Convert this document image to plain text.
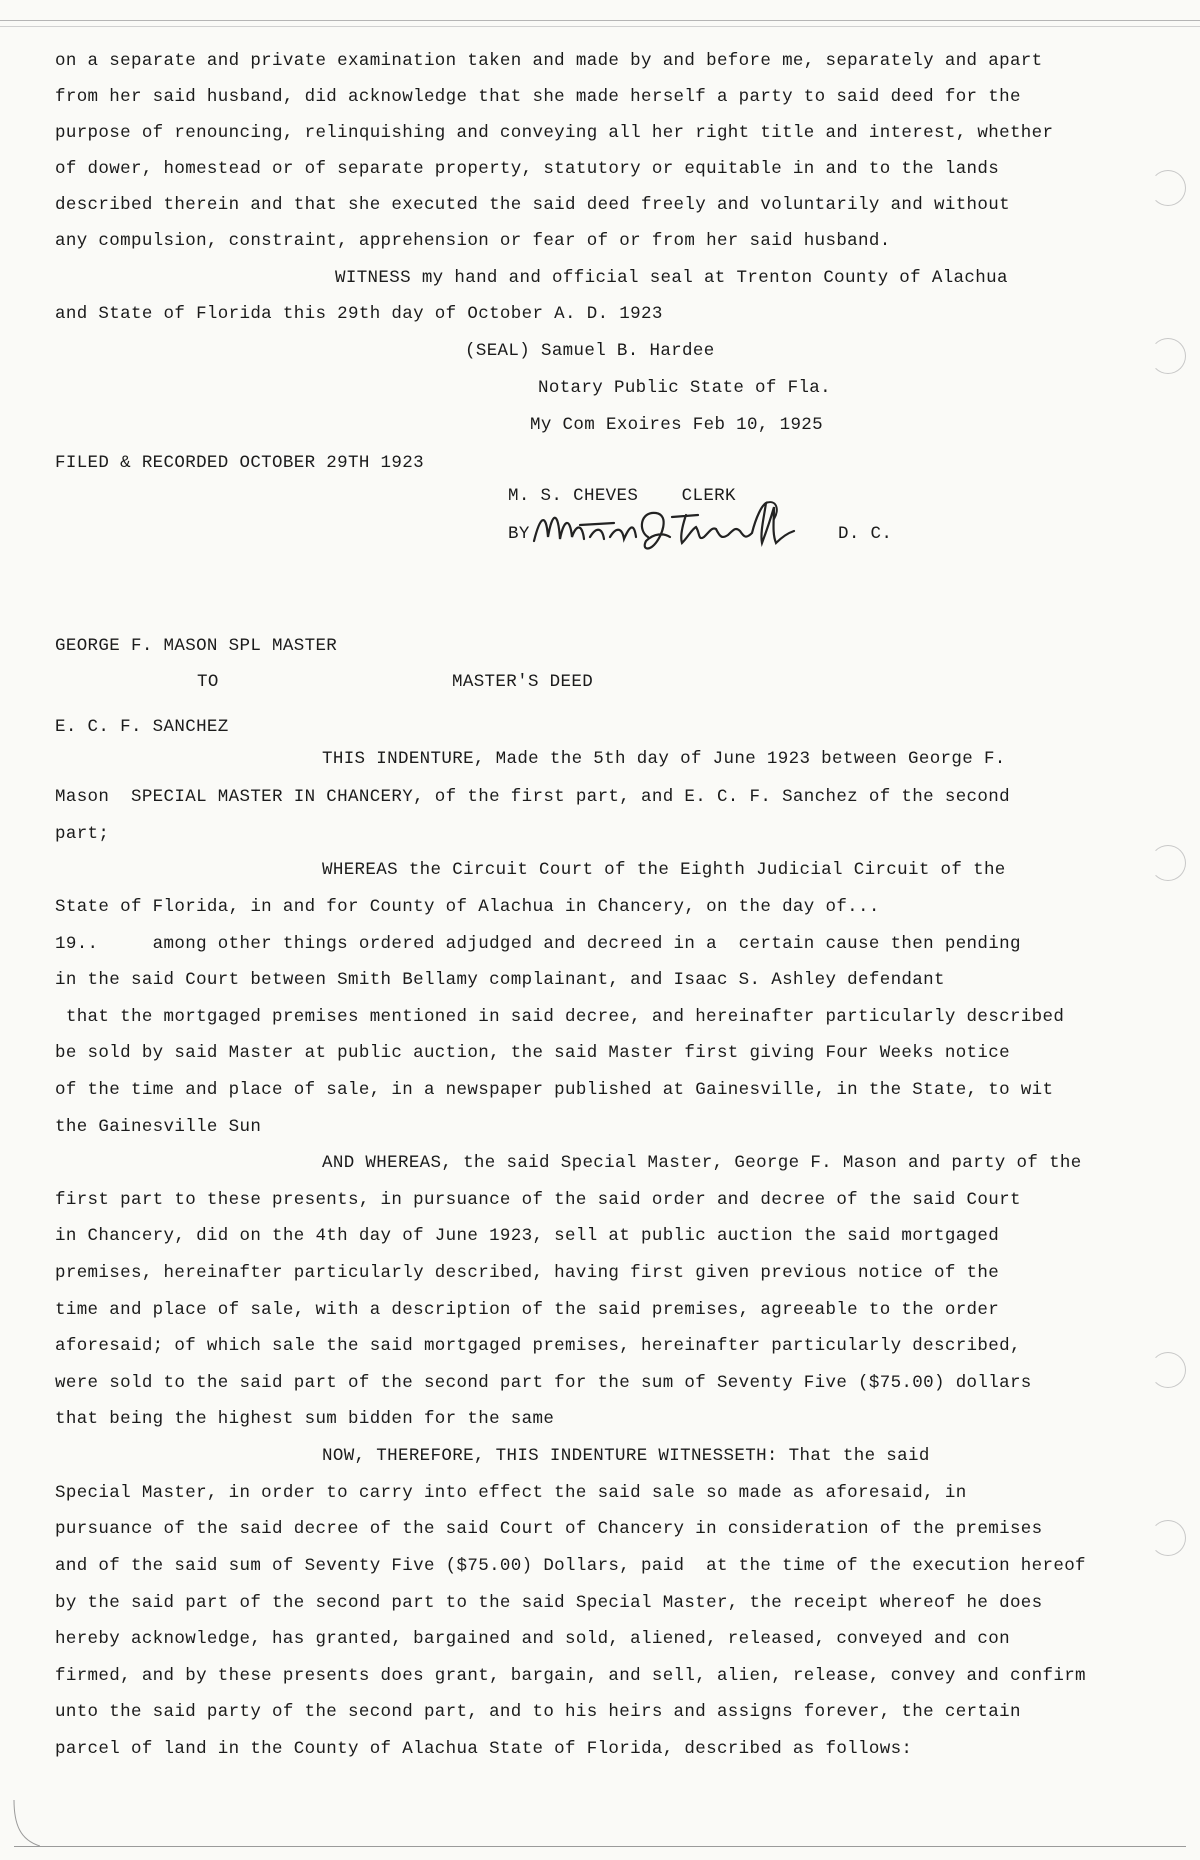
on a separate and private examination taken and made by and before me, separately and apart
from her said husband, did acknowledge that she made herself a party to said deed for the
purpose of renouncing, relinquishing and conveying all her right title and interest, whether
of dower, homestead or of separate property, statutory or equitable in and to the lands
described therein and that she executed the said deed freely and voluntarily and without
any compulsion, constraint, apprehension or fear of or from her said husband.
WITNESS my hand and official seal at Trenton County of Alachua
and State of Florida this 29th day of October A. D. 1923
(SEAL) Samuel B. Hardee
Notary Public State of Fla.
My Com Exoires Feb 10, 1925
FILED & RECORDED OCTOBER 29TH 1923
M. S. CHEVES    CLERK
BY	D. C.
GEORGE F. MASON SPL MASTER
TO	MASTER'S DEED
E. C. F. SANCHEZ
THIS INDENTURE, Made the 5th day of June 1923 between George F.
Mason  SPECIAL MASTER IN CHANCERY, of the first part, and E. C. F. Sanchez of the second
part;
WHEREAS the Circuit Court of the Eighth Judicial Circuit of the
State of Florida, in and for County of Alachua in Chancery, on the day of...
19..     among other things ordered adjudged and decreed in a  certain cause then pending
in the said Court between Smith Bellamy complainant, and Isaac S. Ashley defendant
that the mortgaged premises mentioned in said decree, and hereinafter particularly described
be sold by said Master at public auction, the said Master first giving Four Weeks notice
of the time and place of sale, in a newspaper published at Gainesville, in the State, to wit
the Gainesville Sun
AND WHEREAS, the said Special Master, George F. Mason and party of the
first part to these presents, in pursuance of the said order and decree of the said Court
in Chancery, did on the 4th day of June 1923, sell at public auction the said mortgaged
premises, hereinafter particularly described, having first given previous notice of the
time and place of sale, with a description of the said premises, agreeable to the order
aforesaid; of which sale the said mortgaged premises, hereinafter particularly described,
were sold to the said part of the second part for the sum of Seventy Five ($75.00) dollars
that being the highest sum bidden for the same
NOW, THEREFORE, THIS INDENTURE WITNESSETH: That the said
Special Master, in order to carry into effect the said sale so made as aforesaid, in
pursuance of the said decree of the said Court of Chancery in consideration of the premises
and of the said sum of Seventy Five ($75.00) Dollars, paid  at the time of the execution hereof
by the said part of the second part to the said Special Master, the receipt whereof he does
hereby acknowledge, has granted, bargained and sold, aliened, released, conveyed and con
firmed, and by these presents does grant, bargain, and sell, alien, release, convey and confirm
unto the said party of the second part, and to his heirs and assigns forever, the certain
parcel of land in the County of Alachua State of Florida, described as follows:
